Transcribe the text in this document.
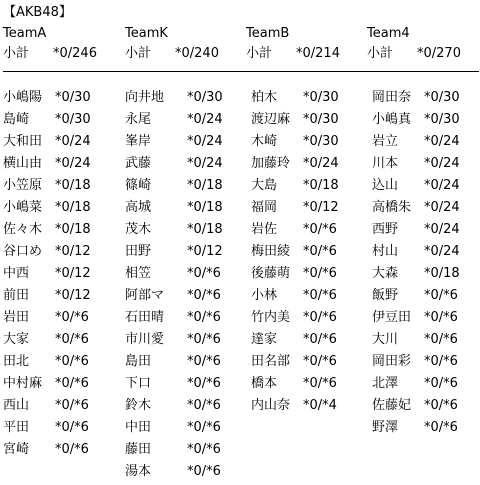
【AKB48】
TeamA
小計 *0/246
TeamK
小計 *0/240
TeamB
小計 *0/214
Team4
小計 *0/270
小嶋陽 *0/30
島崎 *0/30
大和田 *0/24
横山由 *0/24
小笠原 *0/18
小嶋菜 *0/18
佐々木 *0/18
谷口め *0/12
中西 *0/12
前田 *0/12
岩田 *0/*6
大家 *0/*6
田北 *0/*6
中村麻 *0/*6
西山 *0/*6
平田 *0/*6
宮崎 *0/*6
向井地 *0/30
永尾	*0/24
峯岸	*0/24
武藤	*0/24
篠崎	*0/18
高城	*0/18
茂木	*0/18
田野	*0/12
相笠	*0/*6
阿部マ *0/*6
石田晴 *0/*6
市川愛 *0/*6
島田	*0/*6
下口	*0/*6
鈴木	*0/*6
中田	*0/*6
藤田	*0/*6
湯本	*0/*6
柏木 *0/30
渡辺麻 *0/30
木崎 *0/30
加藤玲 *0/24
大島 *0/18
福岡 *0/12
岩佐 *0/*6
梅田綾 *0/*6
後藤萌 *0/*6
小林 *0/*6
竹内美 *0/*6
達家 *0/*6
田名部 *0/*6
橋本 *0/*6
内山奈 *0/*4
岡田奈 *0/30
小嶋真 *0/30
岩立 *0/24
川本 *0/24
込山 *0/24
高橋朱 *0/24
西野 *0/24
村山 *0/24
大森 *0/18
飯野 *0/*6
伊豆田 *0/*6
大川 *0/*6
岡田彩 *0/*6
北澤 *0/*6
佐藤妃 *0/*6
野澤 *0/*6
